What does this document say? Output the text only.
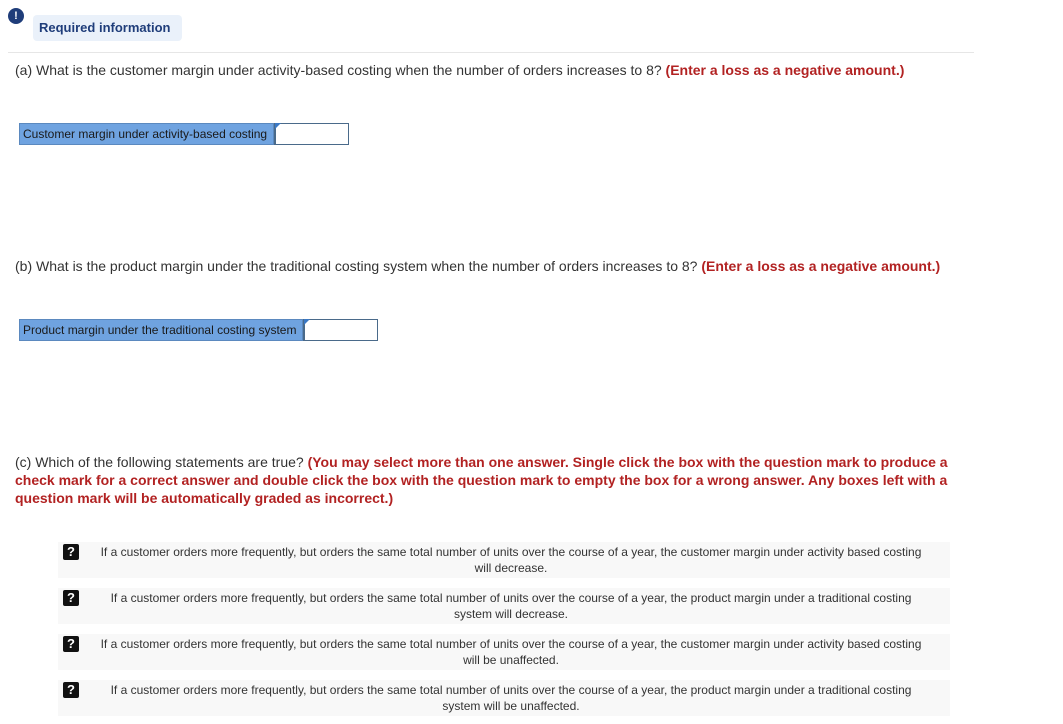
!
Required information
(a) What is the customer margin under activity-based costing when the number of orders increases to 8? (Enter a loss as a negative amount.)
Customer margin under activity-based costing
(b) What is the product margin under the traditional costing system when the number of orders increases to 8? (Enter a loss as a negative amount.)
Product margin under the traditional costing system
(c) Which of the following statements are true? (You may select more than one answer. Single click the box with the question mark to produce a check mark for a correct answer and double click the box with the question mark to empty the box for a wrong answer. Any boxes left with a question mark will be automatically graded as incorrect.)
?	If a customer orders more frequently, but orders the same total number of units over the course of a year, the customer margin under activity based costing will decrease.
?	If a customer orders more frequently, but orders the same total number of units over the course of a year, the product margin under a traditional costing system will decrease.
?	If a customer orders more frequently, but orders the same total number of units over the course of a year, the customer margin under activity based costing will be unaffected.
?	If a customer orders more frequently, but orders the same total number of units over the course of a year, the product margin under a traditional costing system will be unaffected.
